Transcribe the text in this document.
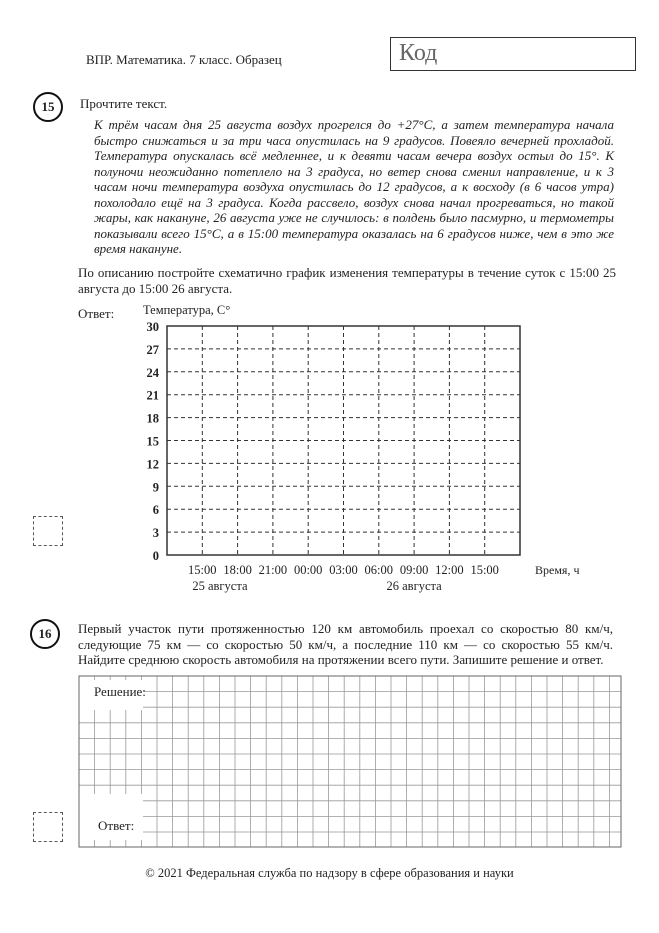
ВПР. Математика. 7 класс. Образец	Код
15	Прочтите текст.
К трём часам дня 25 августа воздух прогрелся до +27°С, а затем температура начала быстро снижаться и за три часа опустилась на 9 градусов. Повеяло вечерней прохладой. Температура опускалась всё медленнее, и к девяти часам вечера воздух остыл до 15°. К полуночи неожиданно потеплело на 3 градуса, но ветер снова сменил направление, и к 3 часам ночи температура воздуха опустилась до 12 градусов, а к восходу (в 6 часов утра) похолодало ещё на 3 градуса. Когда рассвело, воздух снова начал прогреваться, но такой жары, как накануне, 26 августа уже не случилось: в полдень было пасмурно, и термометры показывали всего 15°С, а в 15:00 температура оказалась на 6 градусов ниже, чем в это же время накануне.
По описанию постройте схематично график изменения температуры в течение суток с 15:00 25 августа до 15:00 26 августа.
Ответ: Температура, С°
0
3
6
9
12
15
18
21
24
27
30
15:00 18:00 21:00 00:00 03:00 06:00 09:00 12:00 15:00	Время, ч
25 августа	26 августа
16	Первый участок пути протяженностью 120 км автомобиль проехал со скоростью 80 км/ч, следующие 75 км — со скоростью 50 км/ч, а последние 110 км — со скоростью 55 км/ч. Найдите среднюю скорость автомобиля на протяжении всего пути. Запишите решение и ответ.
Решение:
Ответ:
© 2021 Федеральная служба по надзору в сфере образования и науки
